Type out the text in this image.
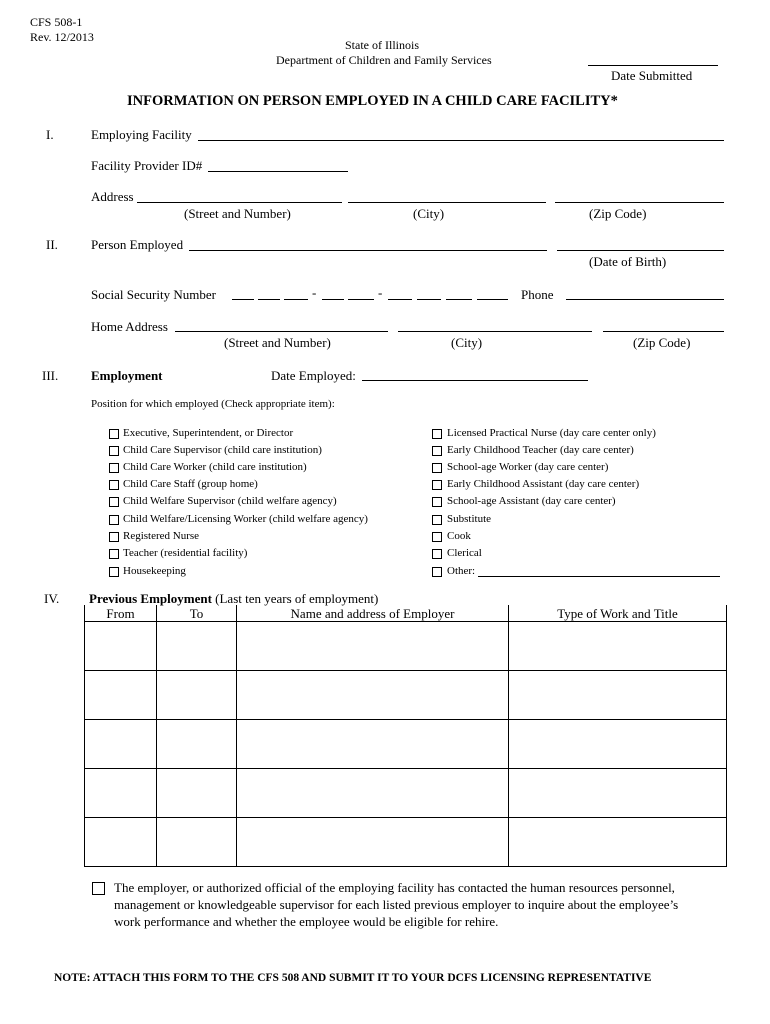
CFS 508-1
Rev. 12/2013
State of Illinois
Department of Children and Family Services
Date Submitted
INFORMATION ON PERSON EMPLOYED IN A CHILD CARE FACILITY*
I.	Employing Facility
Facility Provider ID#
Address
(Street and Number)	(City)	(Zip Code)
II.	Person Employed
(Date of Birth)
Social Security Number	-	-	Phone
Home Address
(Street and Number)	(City)	(Zip Code)
III.	Employment	Date Employed:
Position for which employed (Check appropriate item):
Executive, Superintendent, or Director
Child Care Supervisor (child care institution)
Child Care Worker (child care institution)
Child Care Staff (group home)
Child Welfare Supervisor (child welfare agency)
Child Welfare/Licensing Worker (child welfare agency)
Registered Nurse
Teacher (residential facility)
Housekeeping
Licensed Practical Nurse (day care center only)
Early Childhood Teacher (day care center)
School-age Worker (day care center)
Early Childhood Assistant (day care center)
School-age Assistant (day care center)
Substitute
Cook
Clerical
Other:
IV. Previous Employment (Last ten years of employment)
From	To	Name and address of Employer	Type of Work and Title

The employer, or authorized official of the employing facility has contacted the human resources personnel,
management or knowledgeable supervisor for each listed previous employer to inquire about the employee’s
work performance and whether the employee would be eligible for rehire.
NOTE: ATTACH THIS FORM TO THE CFS 508 AND SUBMIT IT TO YOUR DCFS LICENSING REPRESENTATIVE
